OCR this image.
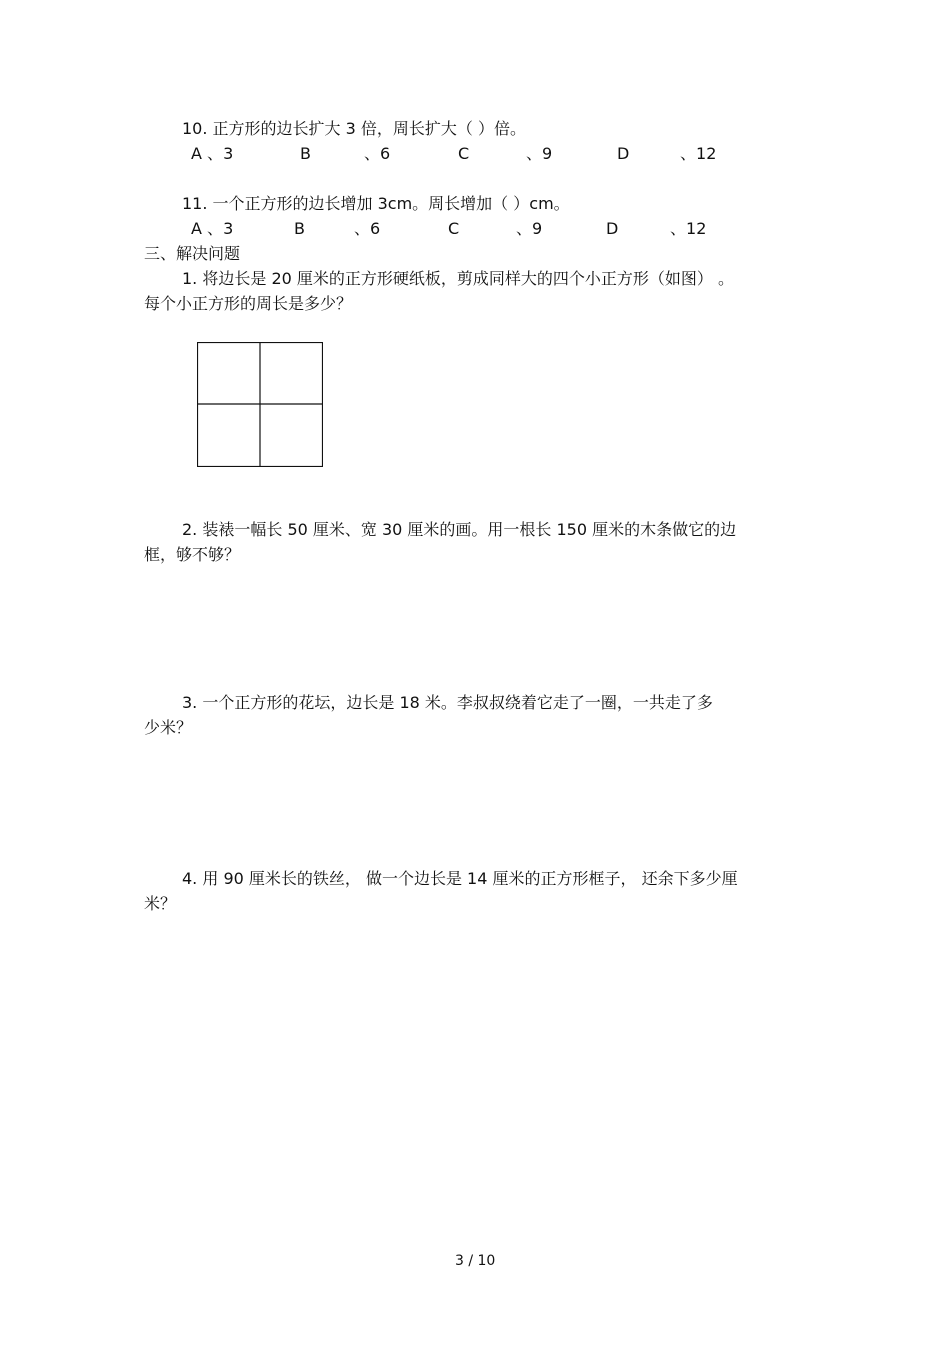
10. 正方形的边长扩大 3 倍，周长扩大（ ）倍。
A 、3	B	、6	C	、9	D	、12
11. 一个正方形的边长增加 3cm。周长增加（ ）cm。
A 、3	B	、6	C	、9	D	、12
三、解决问题
1. 将边长是 20 厘米的正方形硬纸板，剪成同样大的四个小正方形（如图） 。
每个小正方形的周长是多少？
2. 装裱一幅长 50 厘米、宽 30 厘米的画。用一根长 150 厘米的木条做它的边
框，够不够？
3. 一个正方形的花坛，边长是 18 米。李叔叔绕着它走了一圈，一共走了多
少米？
4. 用 90 厘米长的铁丝， 做一个边长是 14 厘米的正方形框子， 还余下多少厘
米？
3 / 10
